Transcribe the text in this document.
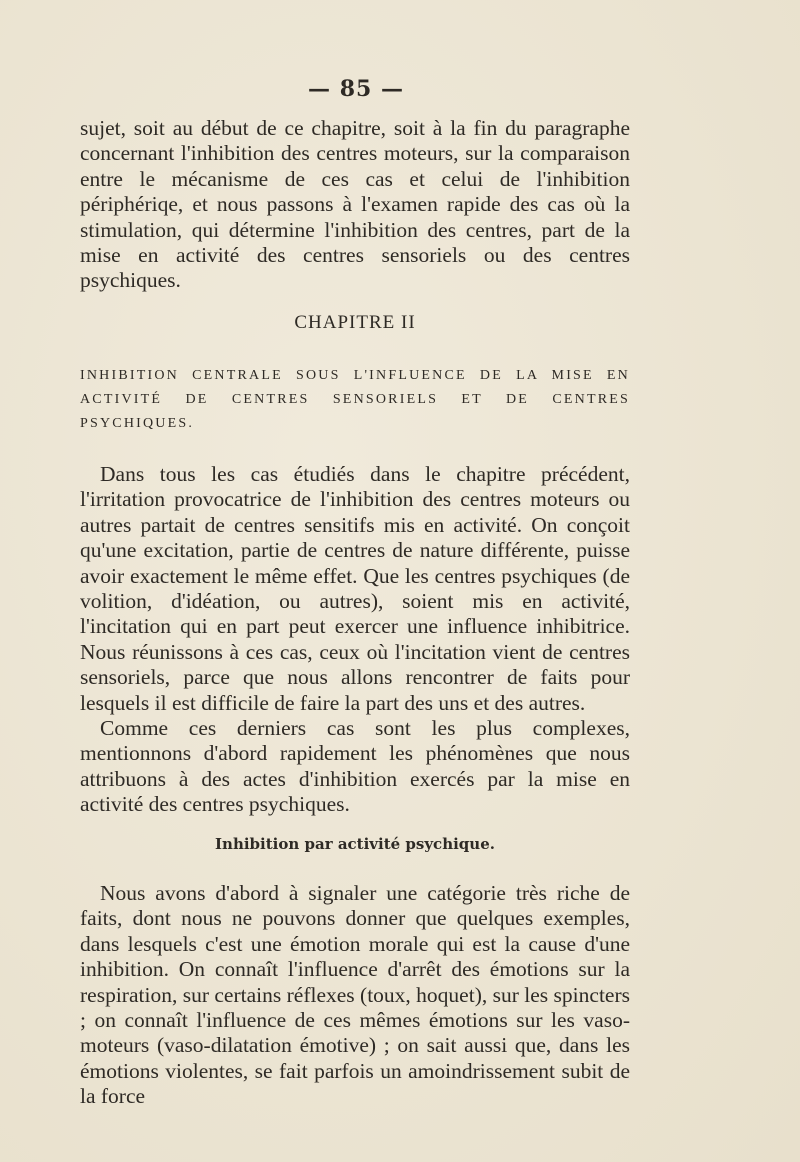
— 85 —

sujet, soit au début de ce chapitre, soit à la fin du paragraphe concernant l'inhibition des centres moteurs, sur la comparaison entre le mécanisme de ces cas et celui de l'inhibition périphériqe, et nous passons à l'examen rapide des cas où la stimulation, qui détermine l'inhibition des centres, part de la mise en activité des centres sensoriels ou des centres psychiques.

CHAPITRE II
INHIBITION CENTRALE SOUS L'INFLUENCE DE LA MISE EN ACTIVITÉ DE CENTRES SENSORIELS ET DE CENTRES PSYCHIQUES.

Dans tous les cas étudiés dans le chapitre précédent, l'irritation provocatrice de l'inhibition des centres moteurs ou autres partait de centres sensitifs mis en activité. On conçoit qu'une excitation, partie de centres de nature différente, puisse avoir exactement le même effet. Que les centres psychiques (de volition, d'idéation, ou autres), soient mis en activité, l'incitation qui en part peut exercer une influence inhibitrice. Nous réunissons à ces cas, ceux où l'incitation vient de centres sensoriels, parce que nous allons rencontrer de faits pour lesquels il est difficile de faire la part des uns et des autres.

Comme ces derniers cas sont les plus complexes, mentionnons d'abord rapidement les phénomènes que nous attribuons à des actes d'inhibition exercés par la mise en activité des centres psychiques.

Inhibition par activité psychique.

Nous avons d'abord à signaler une catégorie très riche de faits, dont nous ne pouvons donner que quelques exemples, dans lesquels c'est une émotion morale qui est la cause d'une inhibition. On connaît l'influence d'arrêt des émotions sur la respiration, sur certains réflexes (toux, hoquet), sur les spincters ; on connaît l'influence de ces mêmes émotions sur les vaso-moteurs (vaso-dilatation émotive) ; on sait aussi que, dans les émotions violentes, se fait parfois un amoindrissement subit de la force
